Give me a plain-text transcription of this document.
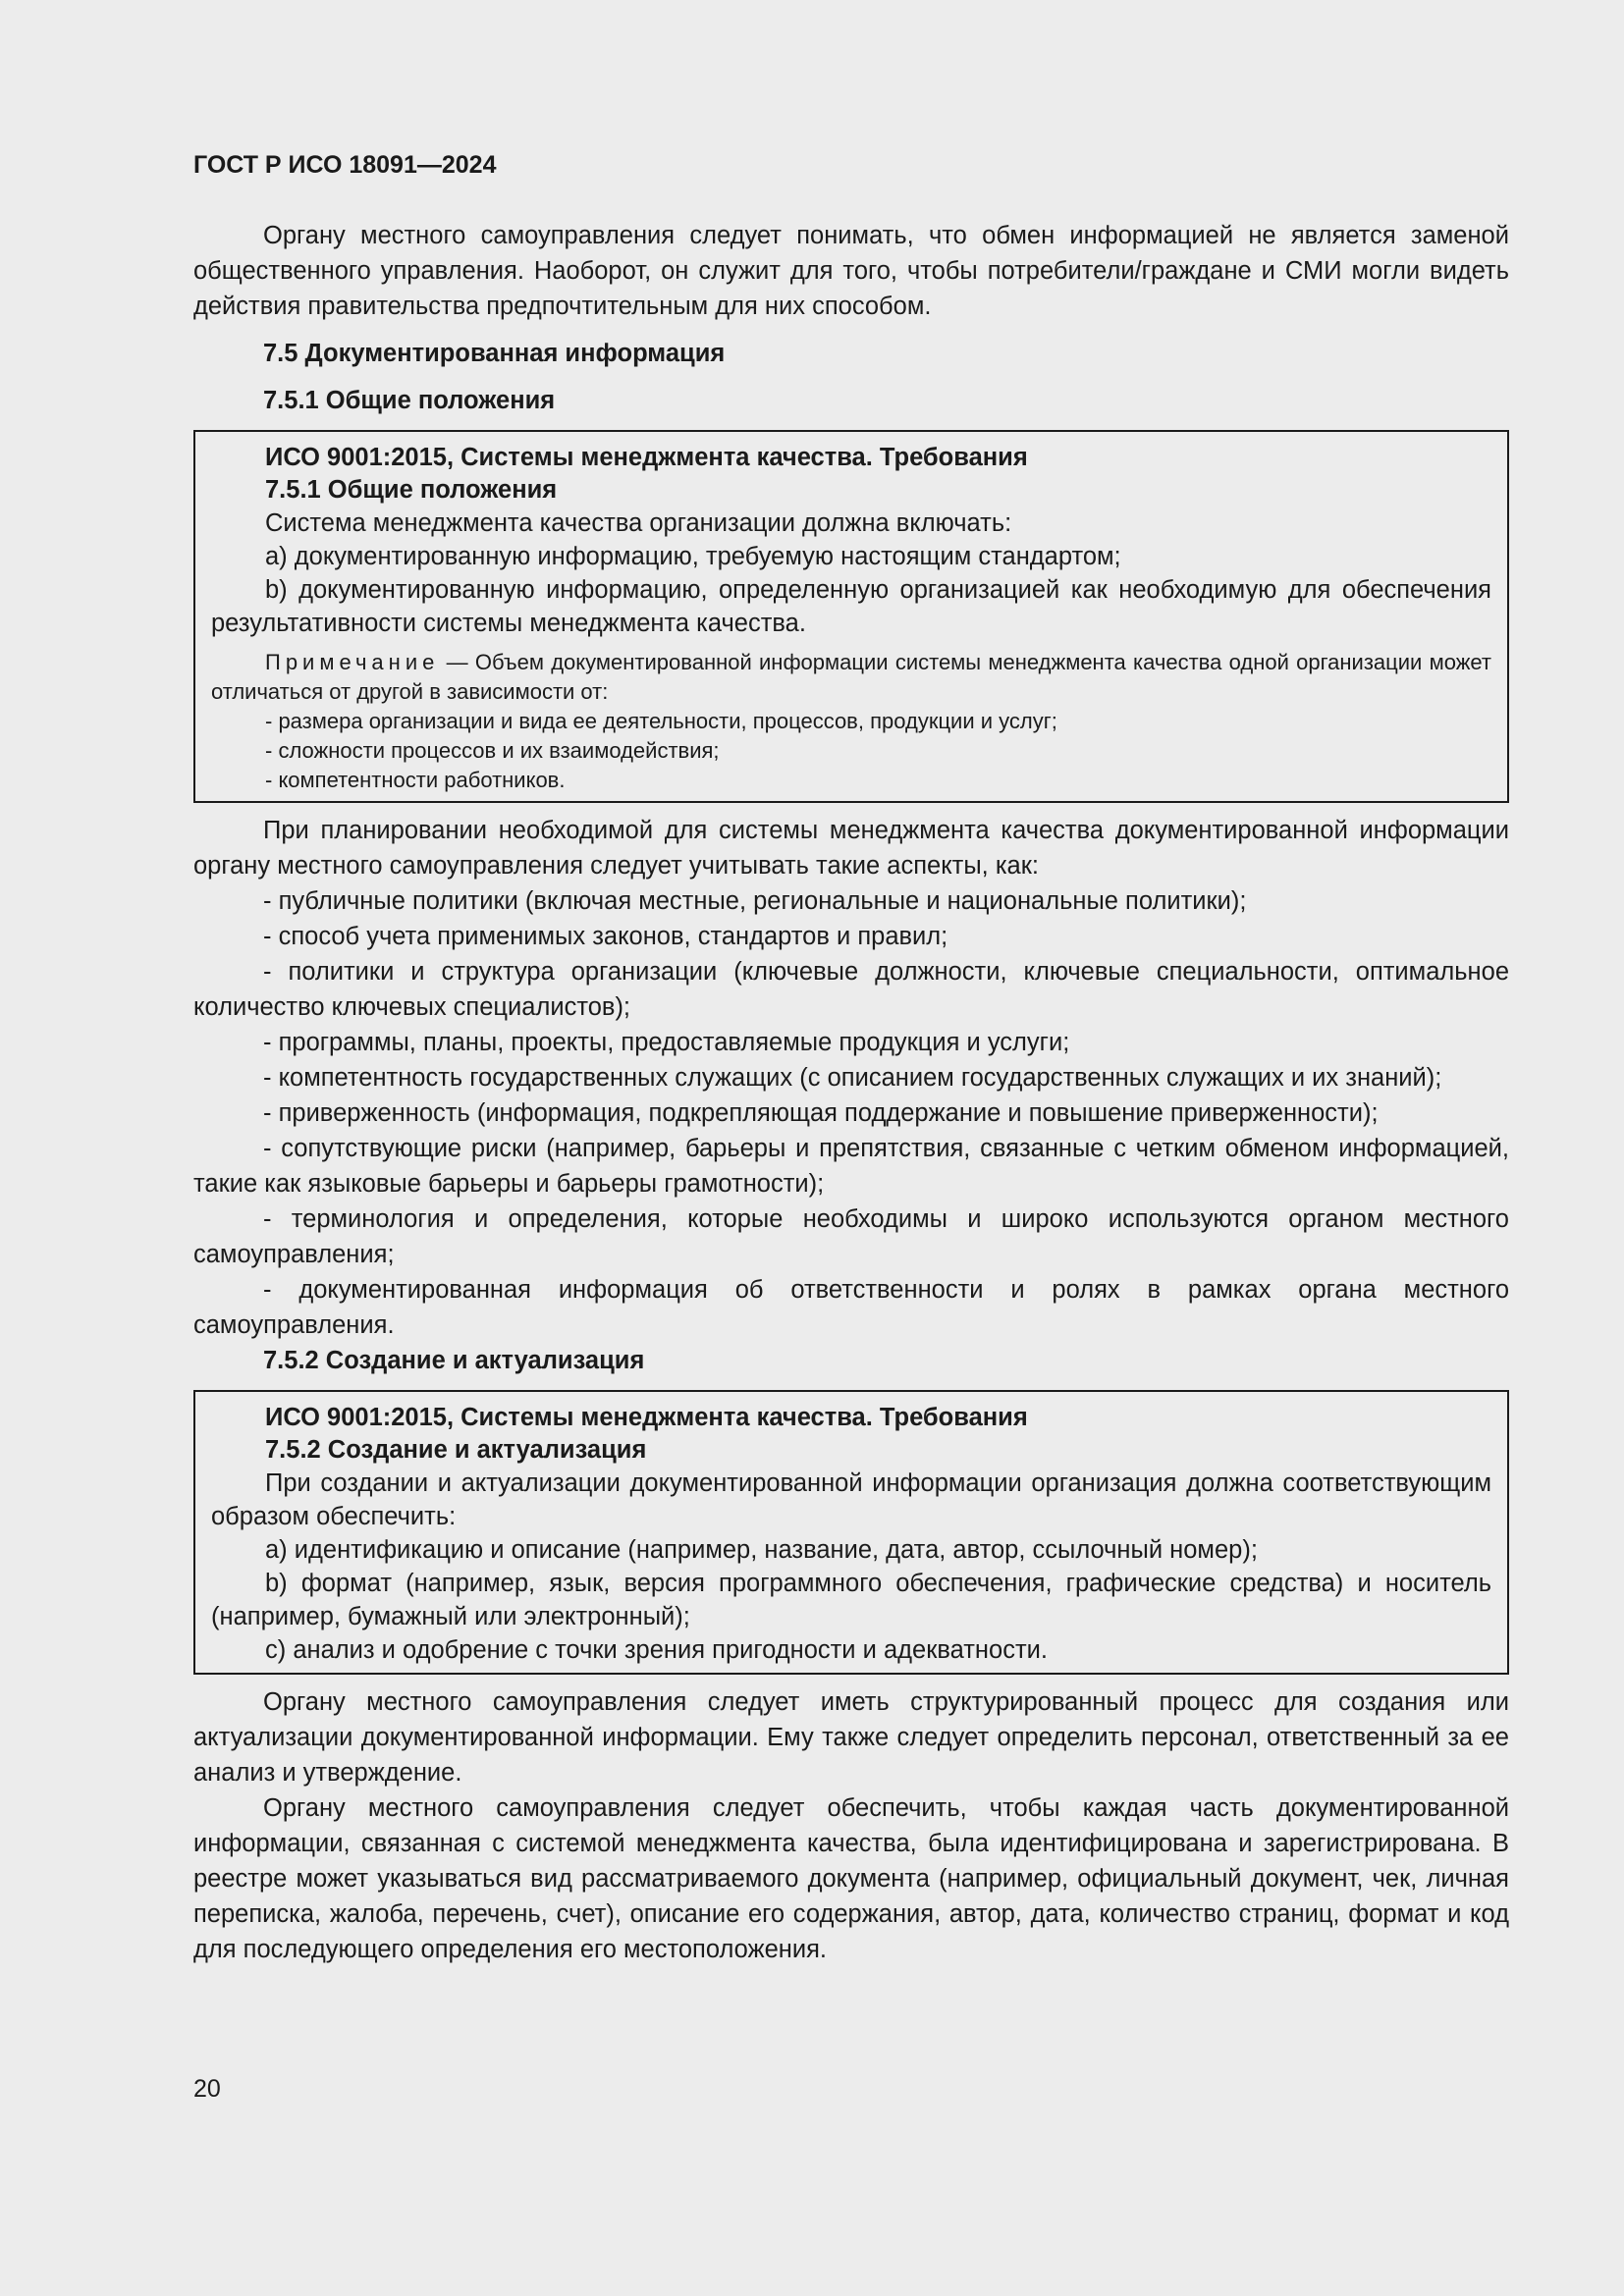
ГОСТ Р ИСО 18091—2024

Органу местного самоуправления следует понимать, что обмен информацией не является заменой общественного управления. Наоборот, он служит для того, чтобы потребители/граждане и СМИ могли видеть действия правительства предпочтительным для них способом.

7.5 Документированная информация
7.5.1 Общие положения
ИСО 9001:2015, Системы менеджмента качества. Требования
7.5.1 Общие положения

Система менеджмента качества организации должна включать:

a) документированную информацию, требуемую настоящим стандартом;

b) документированную информацию, определенную организацией как необходимую для обеспечения результативности системы менеджмента качества.

Примечание — Объем документированной информации системы менеджмента качества одной организации может отличаться от другой в зависимости от:
- размера организации и вида ее деятельности, процессов, продукции и услуг;
- сложности процессов и их взаимодействия;
- компетентности работников.

При планировании необходимой для системы менеджмента качества документированной информации органу местного самоуправления следует учитывать такие аспекты, как:

- публичные политики (включая местные, региональные и национальные политики);

- способ учета применимых законов, стандартов и правил;

- политики и структура организации (ключевые должности, ключевые специальности, оптимальное количество ключевых специалистов);

- программы, планы, проекты, предоставляемые продукция и услуги;

- компетентность государственных служащих (с описанием государственных служащих и их знаний);

- приверженность (информация, подкрепляющая поддержание и повышение приверженности);

- сопутствующие риски (например, барьеры и препятствия, связанные с четким обменом информацией, такие как языковые барьеры и барьеры грамотности);

- терминология и определения, которые необходимы и широко используются органом местного самоуправления;

- документированная информация об ответственности и ролях в рамках органа местного самоуправления.

7.5.2 Создание и актуализация
ИСО 9001:2015, Системы менеджмента качества. Требования
7.5.2 Создание и актуализация

При создании и актуализации документированной информации организация должна соответствующим образом обеспечить:

a) идентификацию и описание (например, название, дата, автор, ссылочный номер);

b) формат (например, язык, версия программного обеспечения, графические средства) и носитель (например, бумажный или электронный);

c) анализ и одобрение с точки зрения пригодности и адекватности.

Органу местного самоуправления следует иметь структурированный процесс для создания или актуализации документированной информации. Ему также следует определить персонал, ответственный за ее анализ и утверждение.

Органу местного самоуправления следует обеспечить, чтобы каждая часть документированной информации, связанная с системой менеджмента качества, была идентифицирована и зарегистрирована. В реестре может указываться вид рассматриваемого документа (например, официальный документ, чек, личная переписка, жалоба, перечень, счет), описание его содержания, автор, дата, количество страниц, формат и код для последующего определения его местоположения.

20
